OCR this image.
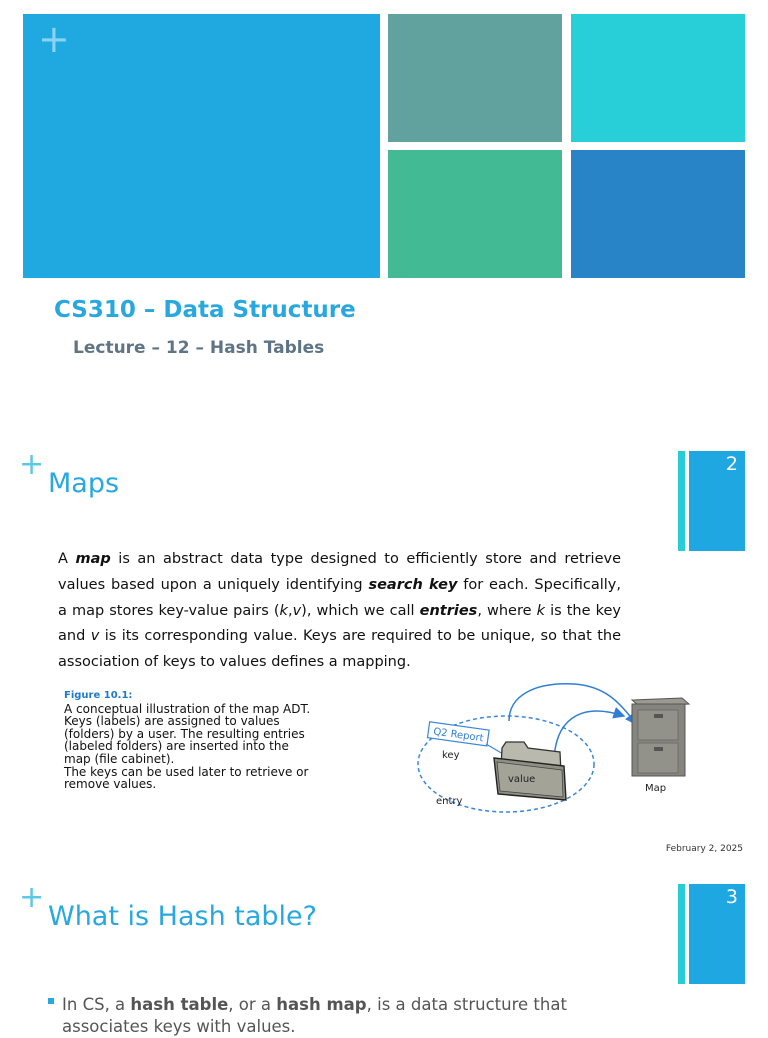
+
CS310 – Data Structure
Lecture – 12 – Hash Tables
+
Maps
2
A map is an abstract data type designed to efficiently store and retrieve values based upon a uniquely identifying search key for each. Specifically, a map stores key-value pairs (k,v), which we call entries, where k is the key and v is its corresponding value. Keys are required to be unique, so that the association of keys to values defines a mapping.
Figure 10.1:
A conceptual illustration of the map ADT.
Keys (labels) are assigned to values
(folders) by a user. The resulting entries
(labeled folders) are inserted into the
map (file cabinet).
The keys can be used later to retrieve or
remove values.
Q2 Report
key
value
entry
Map
February 2, 2025
+
What is Hash table?
3
In CS, a hash table, or a hash map, is a data structure that associates keys with values.
